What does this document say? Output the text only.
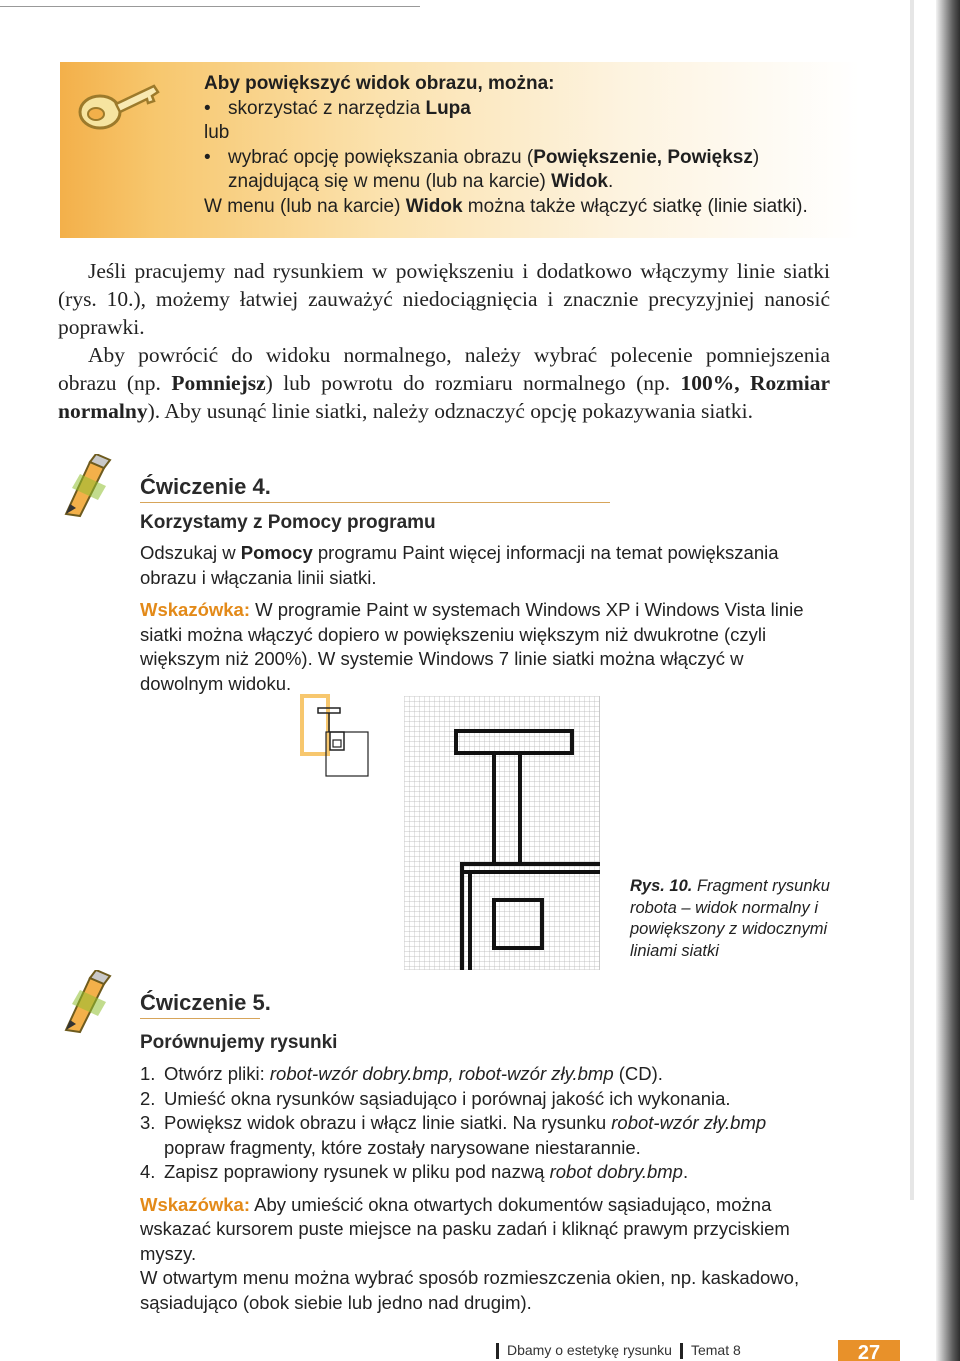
Aby powiększyć widok obrazu, można:
• skorzystać z narzędzia Lupa
lub
• wybrać opcję powiększania obrazu (Powiększenie, Powiększ) znajdującą się w menu (lub na karcie) Widok.
W menu (lub na karcie) Widok można także włączyć siatkę (linie siatki).

Jeśli pracujemy nad rysunkiem w powiększeniu i dodatkowo włączymy linie siatki (rys. 10.), możemy łatwiej zauważyć niedociągnięcia i znacznie precyzyjniej nanosić poprawki.

Aby powrócić do widoku normalnego, należy wybrać polecenie pomniejszenia obrazu (np. Pomniejsz) lub powrotu do rozmiaru normalnego (np. 100%, Rozmiar normalny). Aby usunąć linie siatki, należy odznaczyć opcję pokazywania siatki.

Ćwiczenie 4.
Korzystamy z Pomocy programu

Odszukaj w Pomocy programu Paint więcej informacji na temat powiększania obrazu i włączania linii siatki.

Wskazówka: W programie Paint w systemach Windows XP i Windows Vista linie siatki można włączyć dopiero w powiększeniu większym niż dwukrotne (czyli większym niż 200%). W systemie Windows 7 linie siatki można włączyć w dowolnym widoku.

Rys. 10. Fragment rysunku robota – widok normalny i powiększony z widocznymi liniami siatki
Ćwiczenie 5.
Porównujemy rysunki
1. Otwórz pliki: robot-wzór dobry.bmp, robot-wzór zły.bmp (CD).
2. Umieść okna rysunków sąsiadująco i porównaj jakość ich wykonania.
3. Powiększ widok obrazu i włącz linie siatki. Na rysunku robot-wzór zły.bmp popraw fragmenty, które zostały narysowane niestarannie.
4. Zapisz poprawiony rysunek w pliku pod nazwą robot dobry.bmp.

Wskazówka: Aby umieścić okna otwartych dokumentów sąsiadująco, można wskazać kursorem puste miejsce na pasku zadań i kliknąć prawym przyciskiem myszy.

W otwartym menu można wybrać sposób rozmieszczenia okien, np. kaskadowo, sąsiadująco (obok siebie lub jedno nad drugim).

Dbamy o estetykę rysunku Temat 8	27
